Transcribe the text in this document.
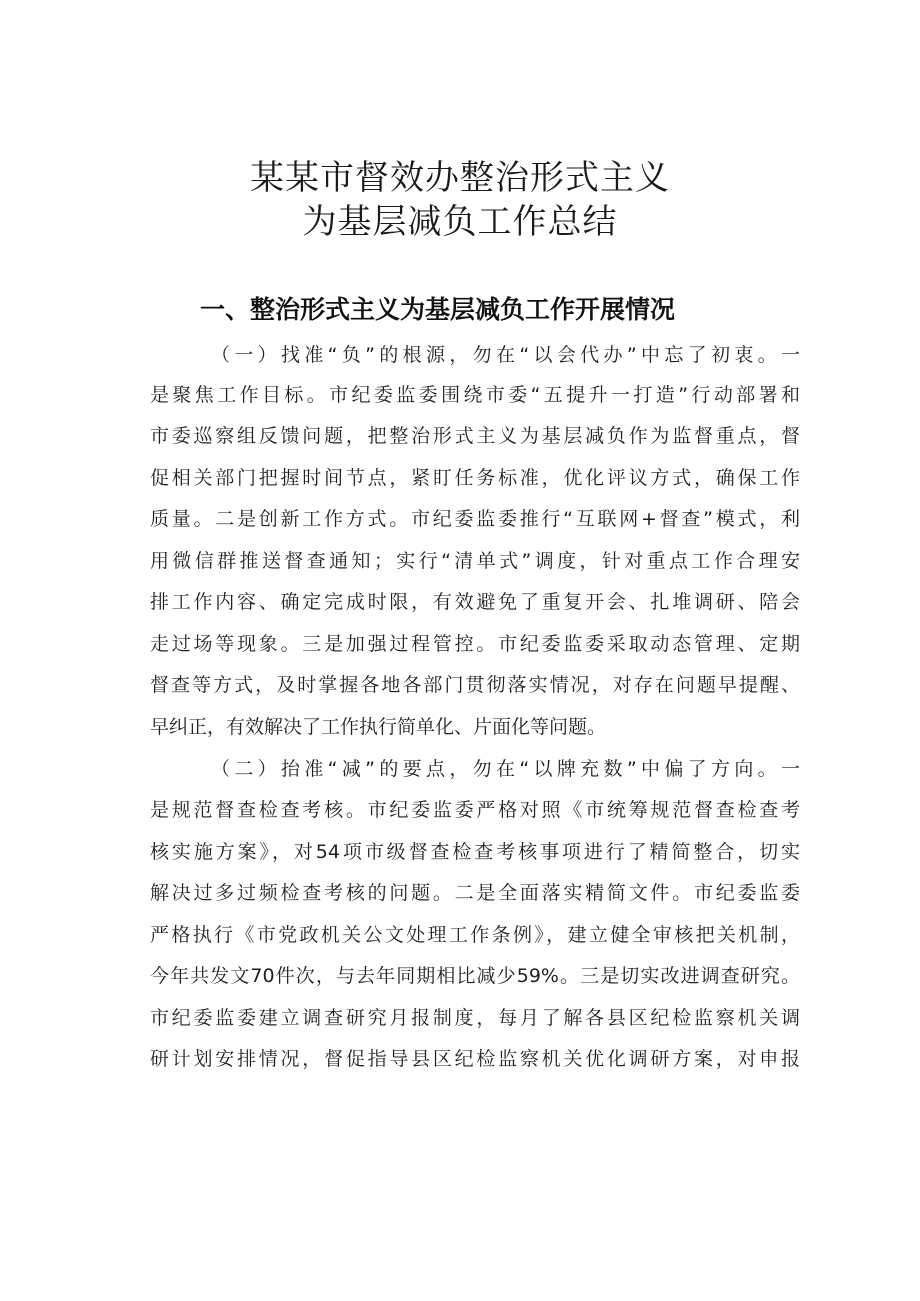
某某市督效办整治形式主义
为基层减负工作总结
一、整治形式主义为基层减负工作开展情况
（一）找准“负”的根源，勿在“以会代办”中忘了初衷。一
是聚焦工作目标。市纪委监委围绕市委“五提升一打造”行动部署和
市委巡察组反馈问题，把整治形式主义为基层减负作为监督重点，督
促相关部门把握时间节点，紧盯任务标准，优化评议方式，确保工作
质量。二是创新工作方式。市纪委监委推行“互联网+督查”模式，利
用微信群推送督查通知；实行“清单式”调度，针对重点工作合理安
排工作内容、确定完成时限，有效避免了重复开会、扎堆调研、陪会
走过场等现象。三是加强过程管控。市纪委监委采取动态管理、定期
督查等方式，及时掌握各地各部门贯彻落实情况，对存在问题早提醒、
早纠正，有效解决了工作执行简单化、片面化等问题。
（二）抬准“减”的要点，勿在“以牌充数”中偏了方向。一
是规范督查检查考核。市纪委监委严格对照《市统筹规范督查检查考
核实施方案》，对54项市级督查检查考核事项进行了精简整合，切实
解决过多过频检查考核的问题。二是全面落实精简文件。市纪委监委
严格执行《市党政机关公文处理工作条例》，建立健全审核把关机制，
今年共发文70件次，与去年同期相比减少59%。三是切实改进调查研究。
市纪委监委建立调查研究月报制度，每月了解各县区纪检监察机关调
研计划安排情况，督促指导县区纪检监察机关优化调研方案，对申报
